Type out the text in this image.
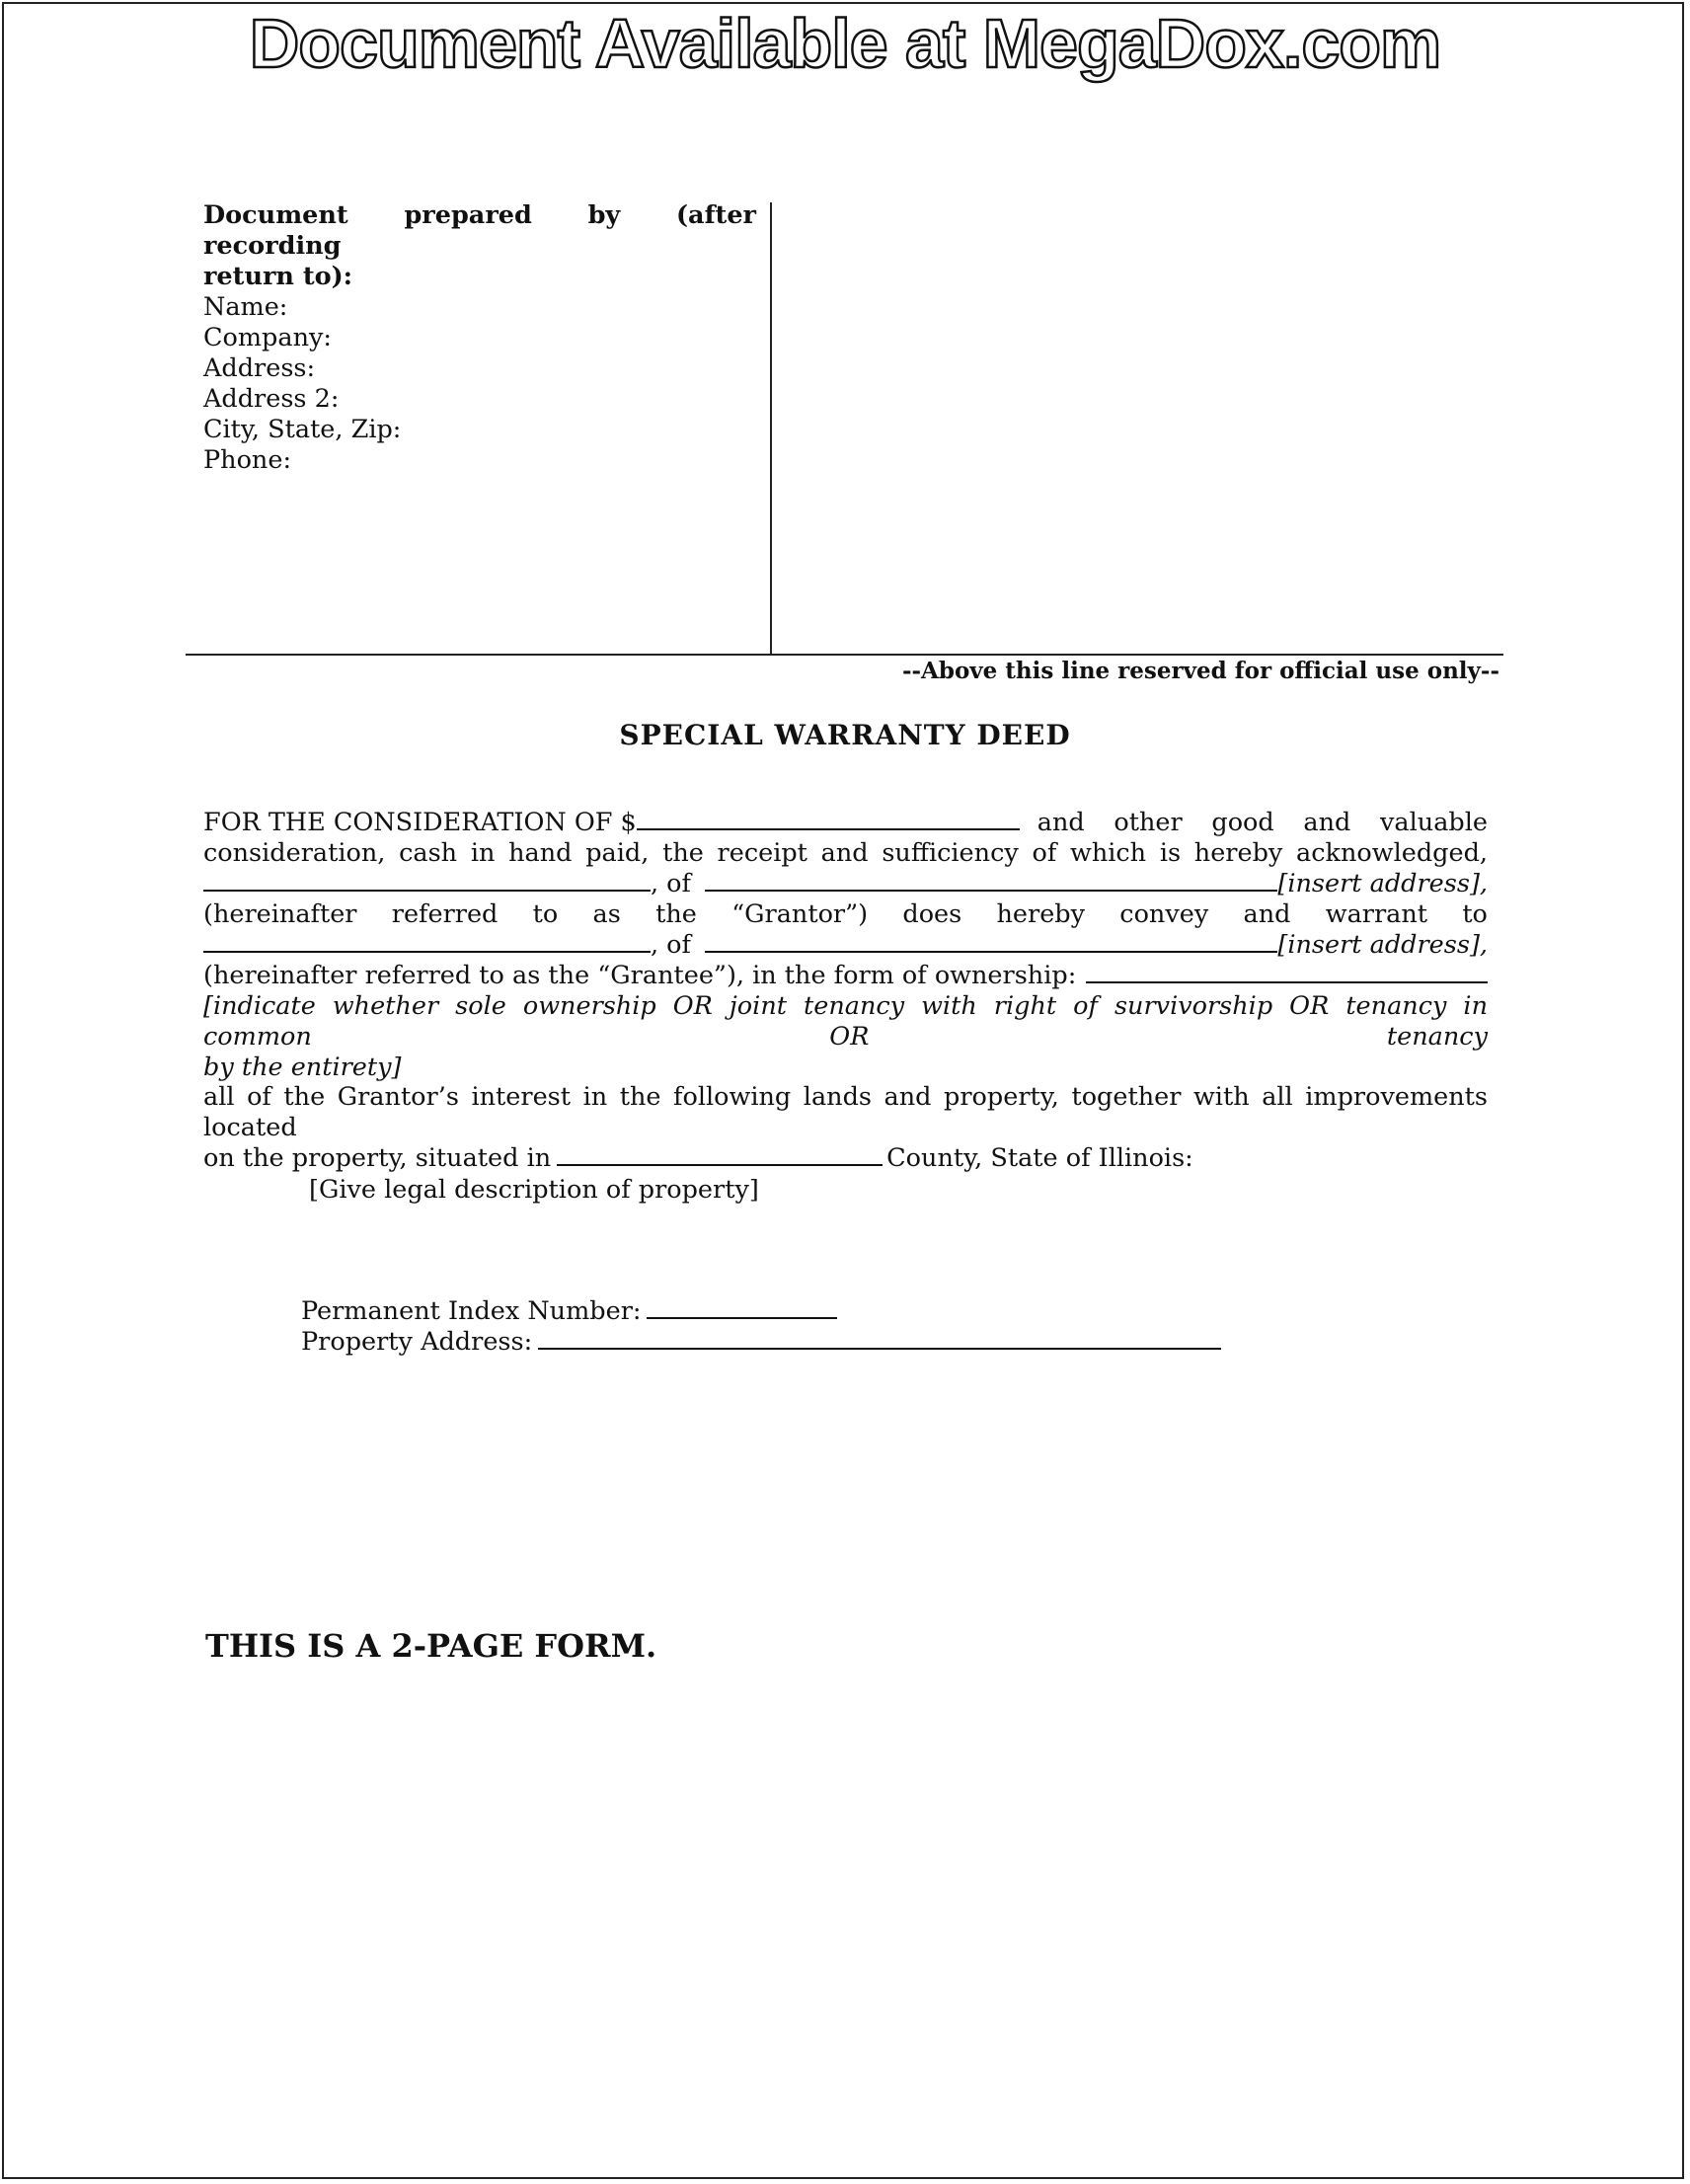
Document Available at MegaDox.com
Document prepared by (after recording
return to):
Name:
Company:
Address:
Address 2:
City, State, Zip:
Phone:
--Above this line reserved for official use only--
SPECIAL WARRANTY DEED
FOR THE CONSIDERATION OF $	and other good and valuable
consideration, cash in hand paid, the receipt and sufficiency of which is hereby acknowledged,
, of	[insert address],
(hereinafter referred to as the “Grantor”) does hereby convey and warrant to
, of	[insert address],
(hereinafter referred to as the “Grantee”), in the form of ownership:
[indicate whether sole ownership OR joint tenancy with right of survivorship OR tenancy in common OR tenancy
by the entirety]
all of the Grantor’s interest in the following lands and property, together with all improvements located
on the property, situated in	County, State of Illinois:
[Give legal description of property]
Permanent Index Number:
Property Address:
THIS IS A 2-PAGE FORM.
